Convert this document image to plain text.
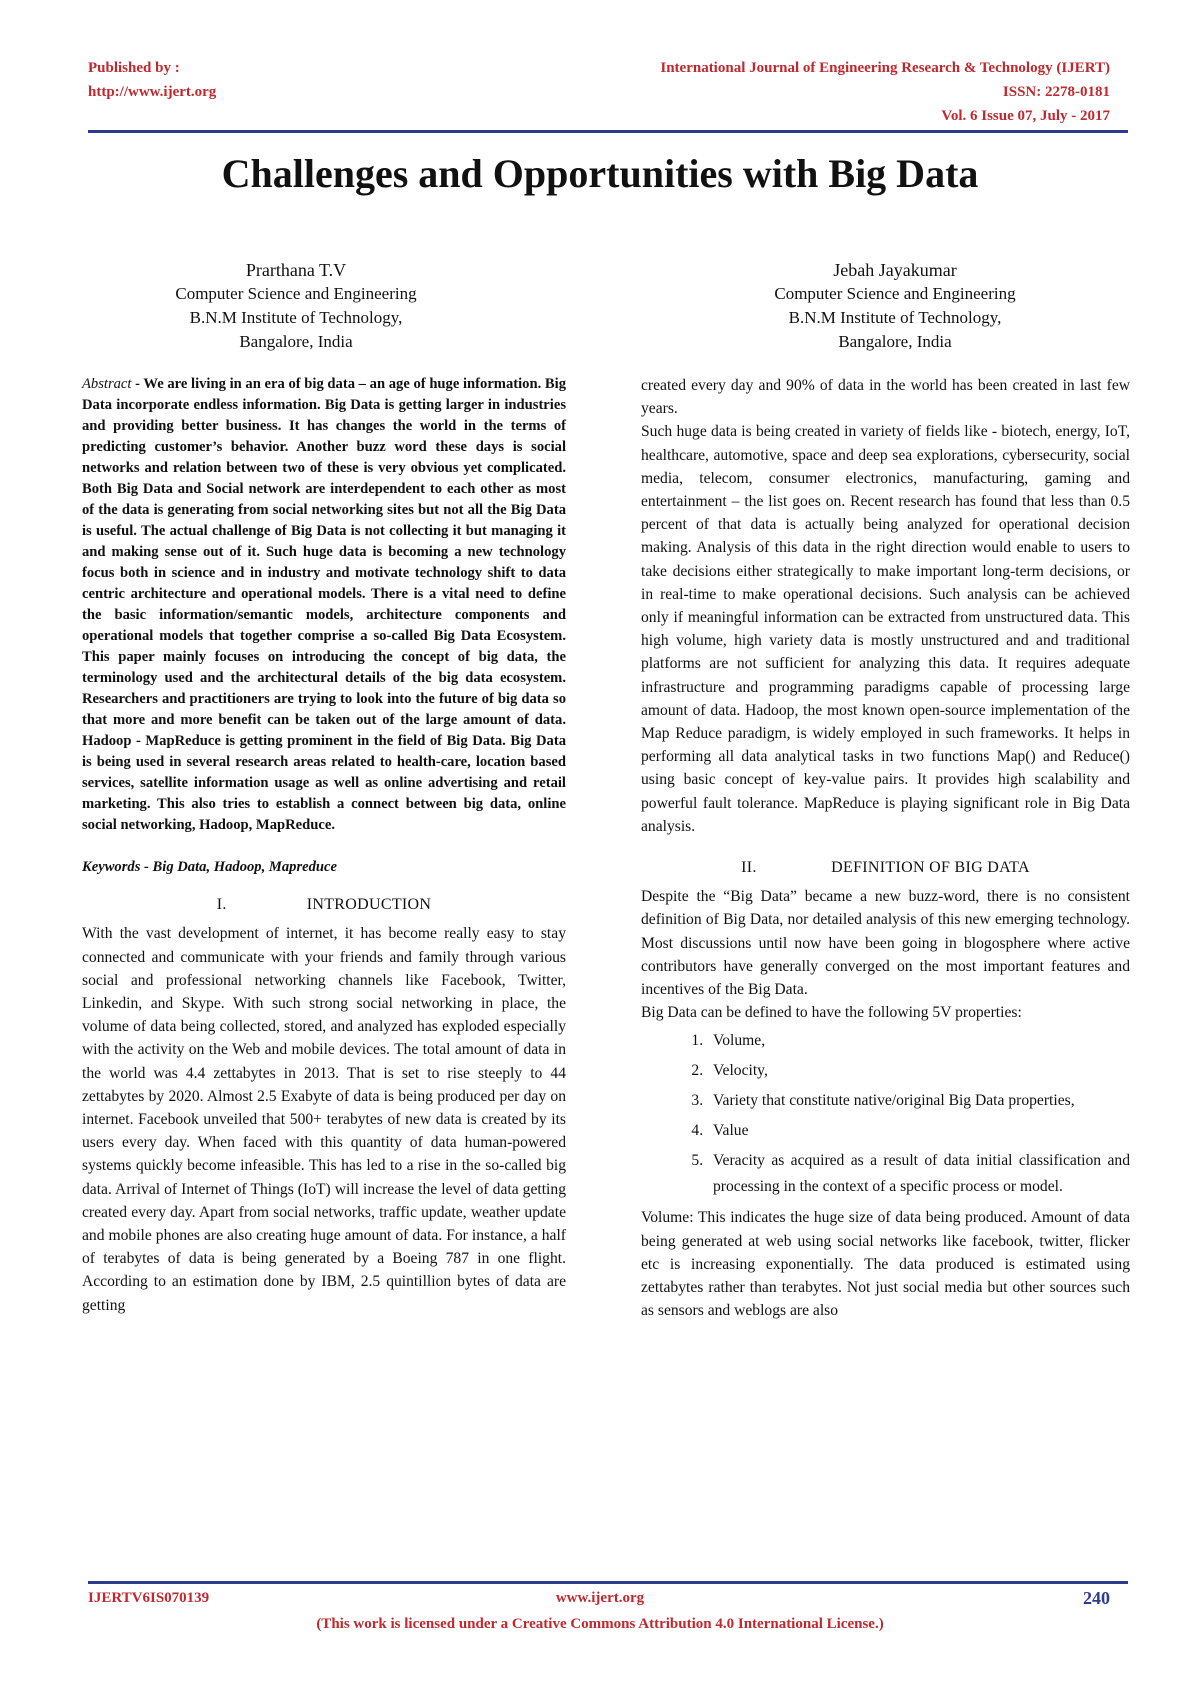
Published by :
http://www.ijert.org
International Journal of Engineering Research & Technology (IJERT)
ISSN: 2278-0181
Vol. 6 Issue 07, July - 2017
Challenges and Opportunities with Big Data
Prarthana T.V
Computer Science and Engineering
B.N.M Institute of Technology,
Bangalore, India
Jebah Jayakumar
Computer Science and Engineering
B.N.M Institute of Technology,
Bangalore, India

Abstract - We are living in an era of big data – an age of huge information. Big Data incorporate endless information. Big Data is getting larger in industries and providing better business. It has changes the world in the terms of predicting customer’s behavior. Another buzz word these days is social networks and relation between two of these is very obvious yet complicated. Both Big Data and Social network are interdependent to each other as most of the data is generating from social networking sites but not all the Big Data is useful. The actual challenge of Big Data is not collecting it but managing it and making sense out of it. Such huge data is becoming a new technology focus both in science and in industry and motivate technology shift to data centric architecture and operational models. There is a vital need to define the basic information/semantic models, architecture components and operational models that together comprise a so-called Big Data Ecosystem. This paper mainly focuses on introducing the concept of big data, the terminology used and the architectural details of the big data ecosystem. Researchers and practitioners are trying to look into the future of big data so that more and more benefit can be taken out of the large amount of data. Hadoop - MapReduce is getting prominent in the field of Big Data. Big Data is being used in several research areas related to health-care, location based services, satellite information usage as well as online advertising and retail marketing. This also tries to establish a connect between big data, online social networking, Hadoop, MapReduce.

Keywords - Big Data, Hadoop, Mapreduce

I.	INTRODUCTION

With the vast development of internet, it has become really easy to stay connected and communicate with your friends and family through various social and professional networking channels like Facebook, Twitter, Linkedin, and Skype. With such strong social networking in place, the volume of data being collected, stored, and analyzed has exploded especially with the activity on the Web and mobile devices. The total amount of data in the world was 4.4 zettabytes in 2013. That is set to rise steeply to 44 zettabytes by 2020. Almost 2.5 Exabyte of data is being produced per day on internet. Facebook unveiled that 500+ terabytes of new data is created by its users every day. When faced with this quantity of data human-powered systems quickly become infeasible. This has led to a rise in the so-called big data. Arrival of Internet of Things (IoT) will increase the level of data getting created every day. Apart from social networks, traffic update, weather update and mobile phones are also creating huge amount of data. For instance, a half of terabytes of data is being generated by a Boeing 787 in one flight. According to an estimation done by IBM, 2.5 quintillion bytes of data are getting

created every day and 90% of data in the world has been created in last few years.

Such huge data is being created in variety of fields like - biotech, energy, IoT, healthcare, automotive, space and deep sea explorations, cybersecurity, social media, telecom, consumer electronics, manufacturing, gaming and entertainment – the list goes on. Recent research has found that less than 0.5 percent of that data is actually being analyzed for operational decision making. Analysis of this data in the right direction would enable to users to take decisions either strategically to make important long-term decisions, or in real-time to make operational decisions. Such analysis can be achieved only if meaningful information can be extracted from unstructured data. This high volume, high variety data is mostly unstructured and and traditional platforms are not sufficient for analyzing this data. It requires adequate infrastructure and programming paradigms capable of processing large amount of data. Hadoop, the most known open-source implementation of the Map Reduce paradigm, is widely employed in such frameworks. It helps in performing all data analytical tasks in two functions Map() and Reduce() using basic concept of key-value pairs. It provides high scalability and powerful fault tolerance. MapReduce is playing significant role in Big Data analysis.

II.	DEFINITION OF BIG DATA

Despite the “Big Data” became a new buzz-word, there is no consistent definition of Big Data, nor detailed analysis of this new emerging technology. Most discussions until now have been going in blogosphere where active contributors have generally converged on the most important features and incentives of the Big Data.

Big Data can be defined to have the following 5V properties:

1. Volume,
2. Velocity,
3. Variety that constitute native/original Big Data properties,
4. Value
5. Veracity as acquired as a result of data initial classification and processing in the context of a specific process or model.

Volume: This indicates the huge size of data being produced. Amount of data being generated at web using social networks like facebook, twitter, flicker etc is increasing exponentially. The data produced is estimated using zettabytes rather than terabytes. Not just social media but other sources such as sensors and weblogs are also

IJERTV6IS070139	www.ijert.org	240
(This work is licensed under a Creative Commons Attribution 4.0 International License.)
